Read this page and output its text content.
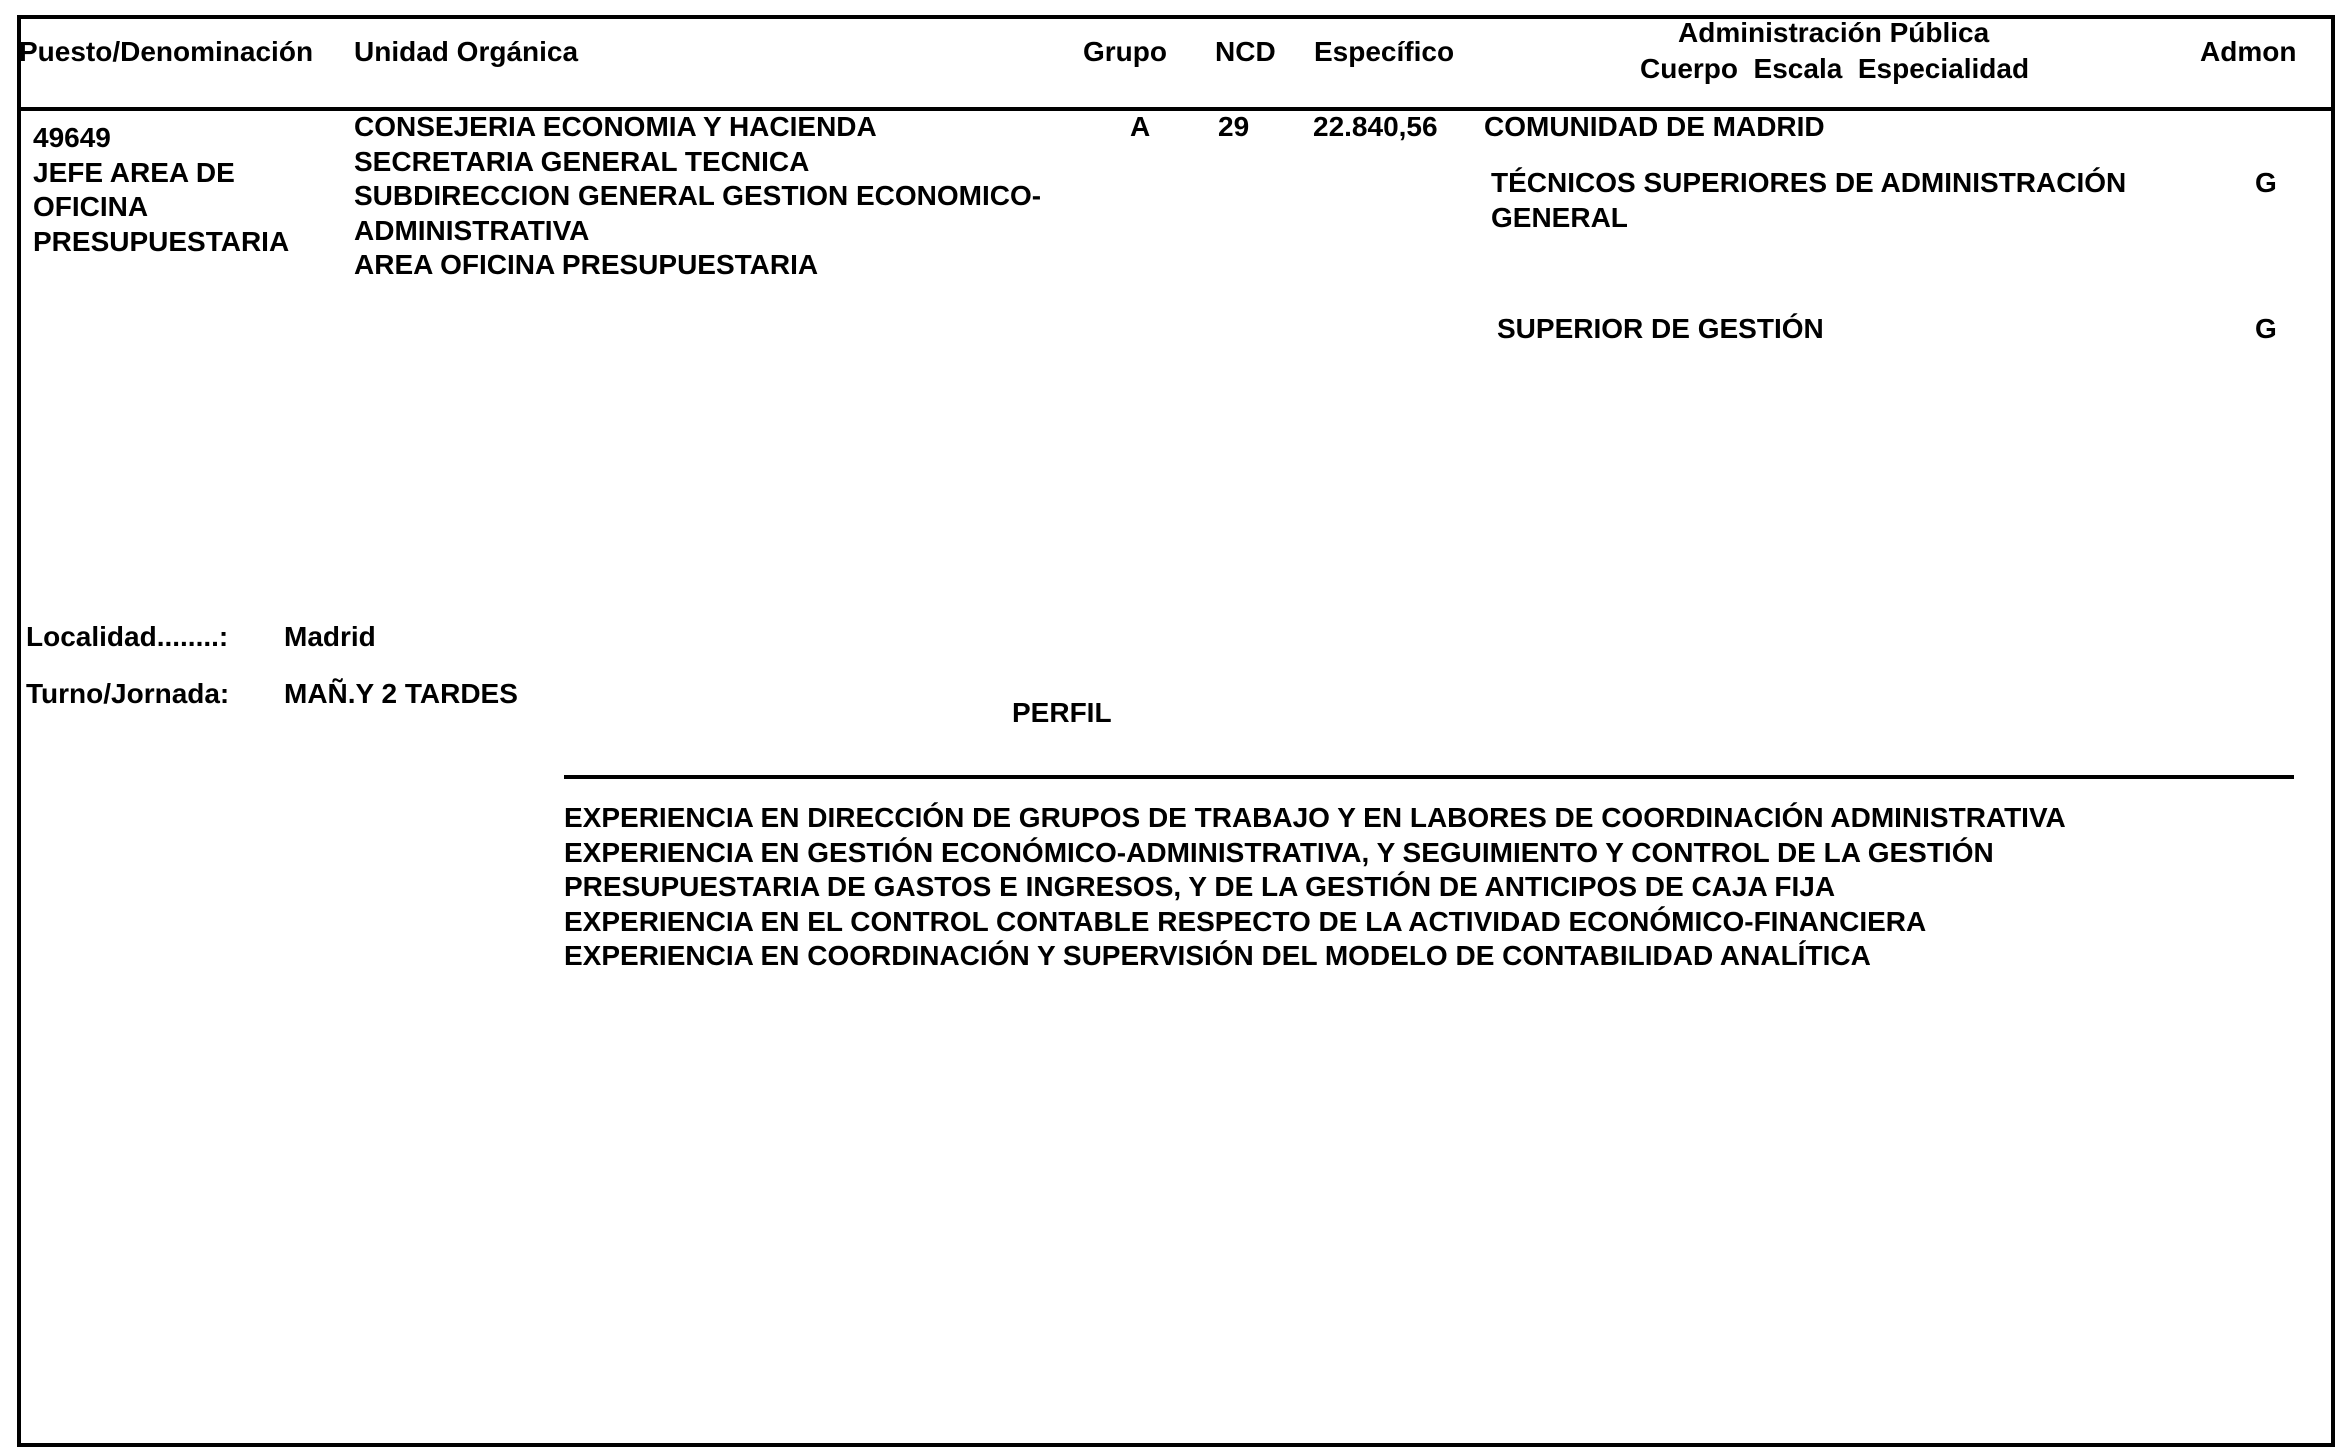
Puesto/Denominación Unidad Orgánica	Grupo NCD Específico
Administración Pública
Cuerpo  Escala  Especialidad
Admon
49649
JEFE AREA DE
OFICINA
PRESUPUESTARIA
CONSEJERIA ECONOMIA Y HACIENDA
SECRETARIA GENERAL TECNICA
SUBDIRECCION GENERAL GESTION ECONOMICO-
ADMINISTRATIVA
AREA OFICINA PRESUPUESTARIA
A 29 22.840,56 COMUNIDAD DE MADRID
TÉCNICOS SUPERIORES DE ADMINISTRACIÓN
GENERAL
G
SUPERIOR DE GESTIÓN	G
Localidad........: Madrid
Turno/Jornada: MAÑ.Y 2 TARDES
PERFIL
EXPERIENCIA EN DIRECCIÓN DE GRUPOS DE TRABAJO Y EN LABORES DE COORDINACIÓN ADMINISTRATIVA
EXPERIENCIA EN GESTIÓN ECONÓMICO-ADMINISTRATIVA, Y SEGUIMIENTO Y CONTROL DE LA GESTIÓN
PRESUPUESTARIA DE GASTOS E INGRESOS, Y DE LA GESTIÓN DE ANTICIPOS DE CAJA FIJA
EXPERIENCIA EN EL CONTROL CONTABLE RESPECTO DE LA ACTIVIDAD ECONÓMICO-FINANCIERA
EXPERIENCIA EN COORDINACIÓN Y SUPERVISIÓN DEL MODELO DE CONTABILIDAD ANALÍTICA
